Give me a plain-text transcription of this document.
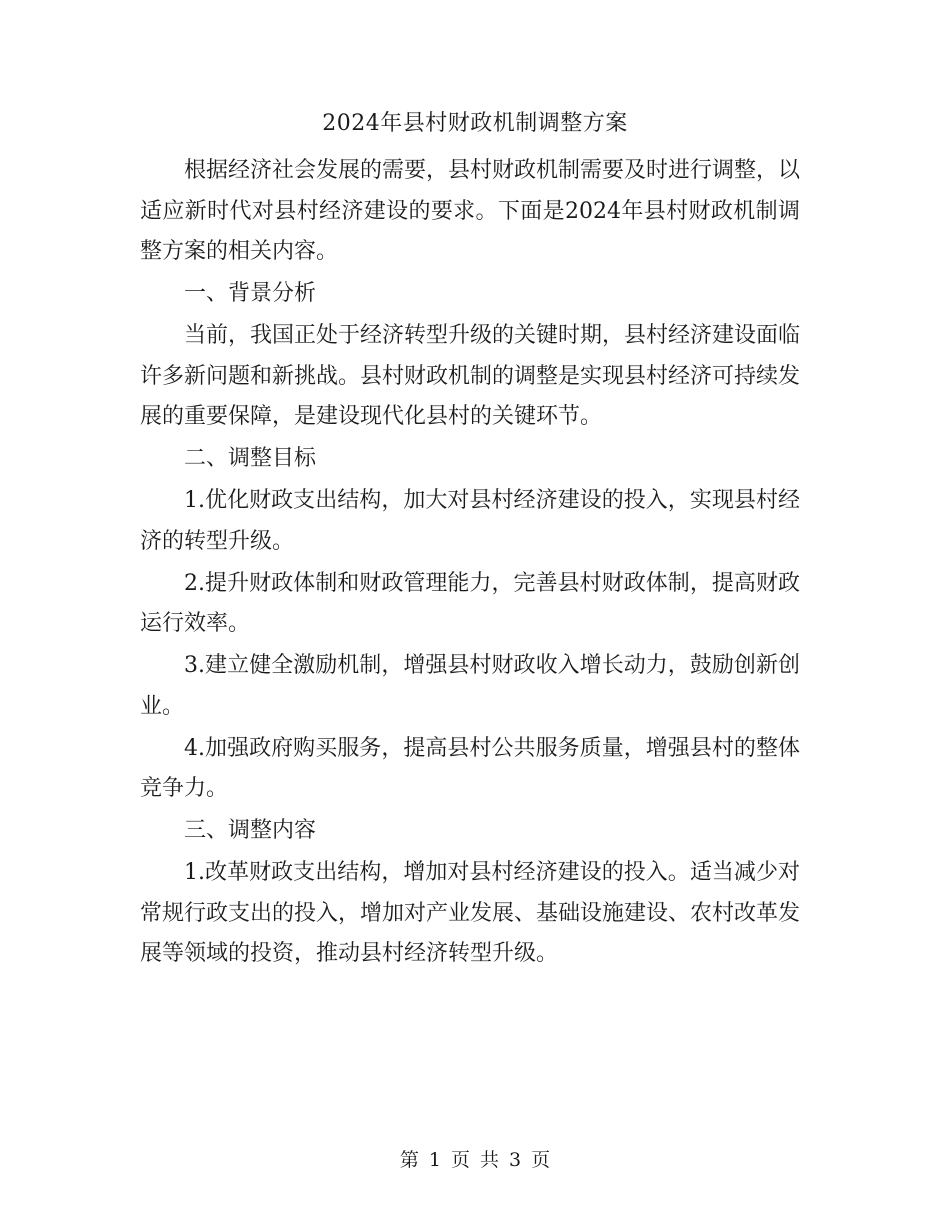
2024年县村财政机制调整方案

根据经济社会发展的需要，县村财政机制需要及时进行调整，以适应新时代对县村经济建设的要求。下面是2024年县村财政机制调整方案的相关内容。

一、背景分析

当前，我国正处于经济转型升级的关键时期，县村经济建设面临许多新问题和新挑战。县村财政机制的调整是实现县村经济可持续发展的重要保障，是建设现代化县村的关键环节。

二、调整目标

1.优化财政支出结构，加大对县村经济建设的投入，实现县村经济的转型升级。

2.提升财政体制和财政管理能力，完善县村财政体制，提高财政运行效率。

3.建立健全激励机制，增强县村财政收入增长动力，鼓励创新创业。

4.加强政府购买服务，提高县村公共服务质量，增强县村的整体竞争力。

三、调整内容

1.改革财政支出结构，增加对县村经济建设的投入。适当减少对常规行政支出的投入，增加对产业发展、基础设施建设、农村改革发展等领域的投资，推动县村经济转型升级。

第 1 页 共 3 页
